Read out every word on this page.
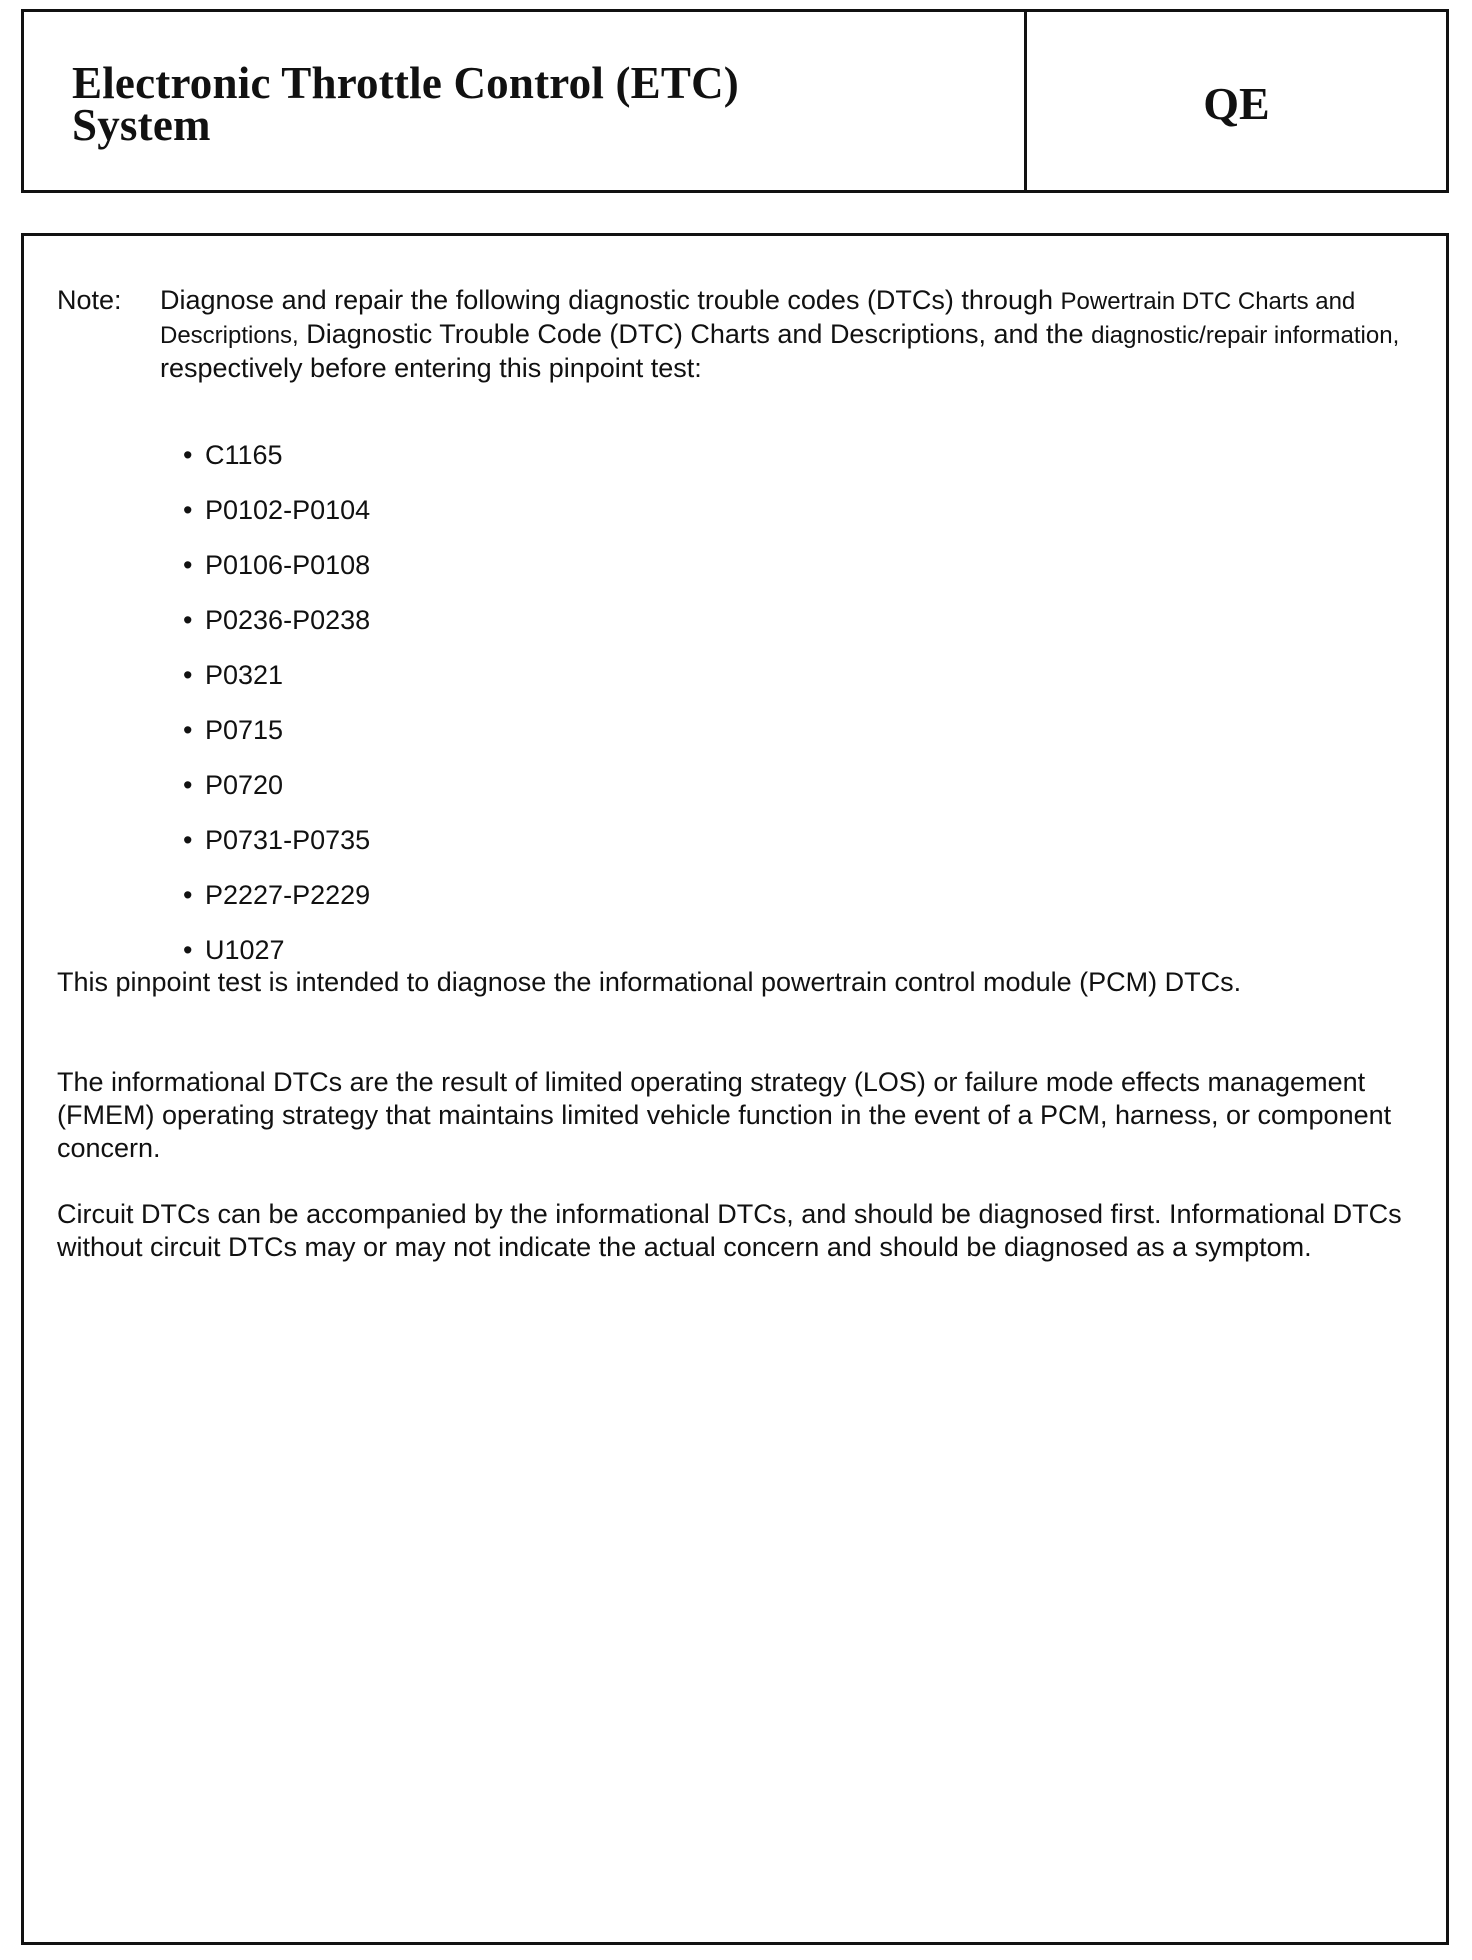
Electronic Throttle Control (ETC)
System	QE
Note: Diagnose and repair the following diagnostic trouble codes (DTCs) through Powertrain DTC Charts and Descriptions, Diagnostic Trouble Code (DTC) Charts and Descriptions, and the diagnostic/repair information, respectively before entering this pinpoint test:
• C1165
• P0102-P0104
• P0106-P0108
• P0236-P0238
• P0321
• P0715
• P0720
• P0731-P0735
• P2227-P2229
• U1027

This pinpoint test is intended to diagnose the informational powertrain control module (PCM) DTCs.

The informational DTCs are the result of limited operating strategy (LOS) or failure mode effects management (FMEM) operating strategy that maintains limited vehicle function in the event of a PCM, harness, or component concern.

Circuit DTCs can be accompanied by the informational DTCs, and should be diagnosed first. Informational DTCs without circuit DTCs may or may not indicate the actual concern and should be diagnosed as a symptom.
